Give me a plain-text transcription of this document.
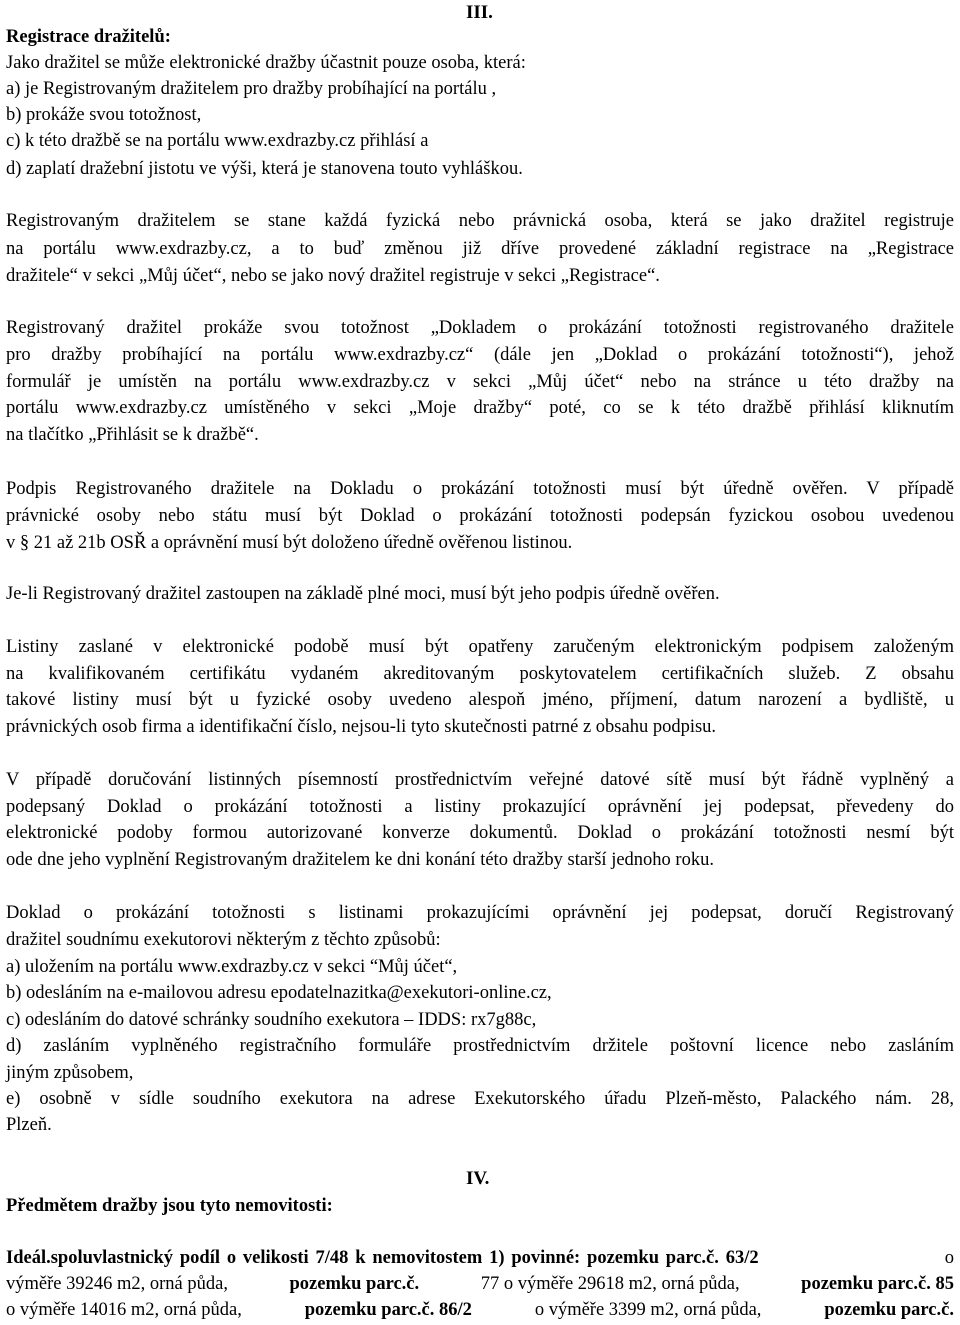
III.
Registrace dražitelů:
Jako dražitel se může elektronické dražby účastnit pouze osoba, která:
a) je Registrovaným dražitelem pro dražby probíhající na portálu ,
b) prokáže svou totožnost,
c) k této dražbě se na portálu www.exdrazby.cz přihlásí a
d) zaplatí dražební jistotu ve výši, která je stanovena touto vyhláškou.
Registrovaným dražitelem se stane každá fyzická nebo právnická osoba, která se jako dražitel registruje
na portálu www.exdrazby.cz, a to buď změnou již dříve provedené základní registrace na „Registrace
dražitele“ v sekci „Můj účet“, nebo se jako nový dražitel registruje v sekci „Registrace“.
Registrovaný dražitel prokáže svou totožnost „Dokladem o prokázání totožnosti registrovaného dražitele
pro dražby probíhající na portálu www.exdrazby.cz“ (dále jen „Doklad o prokázání totožnosti“), jehož
formulář je umístěn na portálu www.exdrazby.cz v sekci „Můj účet“ nebo na stránce u této dražby na
portálu www.exdrazby.cz umístěného v sekci „Moje dražby“ poté, co se k této dražbě přihlásí kliknutím
na tlačítko „Přihlásit se k dražbě“.
Podpis Registrovaného dražitele na Dokladu o prokázání totožnosti musí být úředně ověřen. V případě
právnické osoby nebo státu musí být Doklad o prokázání totožnosti podepsán fyzickou osobou uvedenou
v § 21 až 21b OSŘ a oprávnění musí být doloženo úředně ověřenou listinou.
Je-li Registrovaný dražitel zastoupen na základě plné moci, musí být jeho podpis úředně ověřen.
Listiny zaslané v elektronické podobě musí být opatřeny zaručeným elektronickým podpisem založeným
na kvalifikovaném certifikátu vydaném akreditovaným poskytovatelem certifikačních služeb. Z obsahu
takové listiny musí být u fyzické osoby uvedeno alespoň jméno, příjmení, datum narození a bydliště, u
právnických osob firma a identifikační číslo, nejsou-li tyto skutečnosti patrné z obsahu podpisu.
V případě doručování listinných písemností prostřednictvím veřejné datové sítě musí být řádně vyplněný a
podepsaný Doklad o prokázání totožnosti a listiny prokazující oprávnění jej podepsat, převedeny do
elektronické podoby formou autorizované konverze dokumentů. Doklad o prokázání totožnosti nesmí být
ode dne jeho vyplnění Registrovaným dražitelem ke dni konání této dražby starší jednoho roku.
Doklad o prokázání totožnosti s listinami prokazujícími oprávnění jej podepsat, doručí Registrovaný
dražitel soudnímu exekutorovi některým z těchto způsobů:
a) uložením na portálu www.exdrazby.cz v sekci “Můj účet“,
b) odesláním na e-mailovou adresu epodatelnazitka@exekutori-online.cz,
c) odesláním do datové schránky soudního exekutora – IDDS: rx7g88c,
d) zasláním vyplněného registračního formuláře prostřednictvím držitele poštovní licence nebo zasláním
jiným způsobem,
e) osobně v sídle soudního exekutora na adrese Exekutorského úřadu Plzeň-město, Palackého nám. 28,
Plzeň.
IV.
Předmětem dražby jsou tyto nemovitosti:
Ideál.spoluvlastnický podíl o velikosti 7/48 k nemovitostem 1) povinné: pozemku parc.č. 63/2	o
výměře 39246 m2, orná půda,	pozemku parc.č.	77 o výměře 29618 m2, orná půda,	pozemku parc.č. 85
o výměře 14016 m2, orná půda,	pozemku parc.č. 86/2	o výměře 3399 m2, orná půda,	pozemku parc.č.
